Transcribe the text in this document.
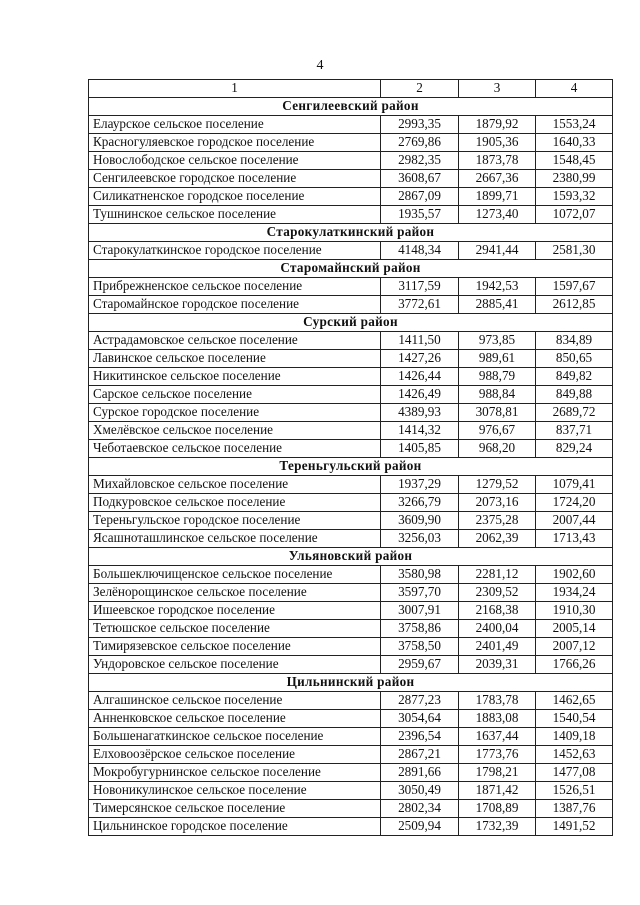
4
1	2	3	4
Сенгилеевский район			
Елаурское сельское поселение	2993,35	1879,92	1553,24
Красногуляевское городское поселение	2769,86	1905,36	1640,33
Новослободское сельское поселение	2982,35	1873,78	1548,45
Сенгилеевское городское поселение	3608,67	2667,36	2380,99
Силикатненское городское поселение	2867,09	1899,71	1593,32
Тушнинское сельское поселение	1935,57	1273,40	1072,07
Старокулаткинский район			
Старокулаткинское городское поселение	4148,34	2941,44	2581,30
Старомайнский район			
Прибрежненское сельское поселение	3117,59	1942,53	1597,67
Старомайнское городское поселение	3772,61	2885,41	2612,85
Сурский район			
Астрадамовское сельское поселение	1411,50	973,85	834,89
Лавинское сельское поселение	1427,26	989,61	850,65
Никитинское сельское поселение	1426,44	988,79	849,82
Сарское сельское поселение	1426,49	988,84	849,88
Сурское городское поселение	4389,93	3078,81	2689,72
Хмелёвское сельское поселение	1414,32	976,67	837,71
Чеботаевское сельское поселение	1405,85	968,20	829,24
Тереньгульский район			
Михайловское сельское поселение	1937,29	1279,52	1079,41
Подкуровское сельское поселение	3266,79	2073,16	1724,20
Тереньгульское городское поселение	3609,90	2375,28	2007,44
Ясашноташлинское сельское поселение	3256,03	2062,39	1713,43
Ульяновский район			
Большеключищенское сельское поселение	3580,98	2281,12	1902,60
Зелёнорощинское сельское поселение	3597,70	2309,52	1934,24
Ишеевское городское поселение	3007,91	2168,38	1910,30
Тетюшское сельское поселение	3758,86	2400,04	2005,14
Тимирязевское сельское поселение	3758,50	2401,49	2007,12
Ундоровское сельское поселение	2959,67	2039,31	1766,26
Цильнинский район			
Алгашинское сельское поселение	2877,23	1783,78	1462,65
Анненковское сельское поселение	3054,64	1883,08	1540,54
Большенагаткинское сельское поселение	2396,54	1637,44	1409,18
Елховоозёрское сельское поселение	2867,21	1773,76	1452,63
Мокробугурнинское сельское поселение	2891,66	1798,21	1477,08
Новоникулинское сельское поселение	3050,49	1871,42	1526,51
Тимерсянское сельское поселение	2802,34	1708,89	1387,76
Цильнинское городское поселение	2509,94	1732,39	1491,52
